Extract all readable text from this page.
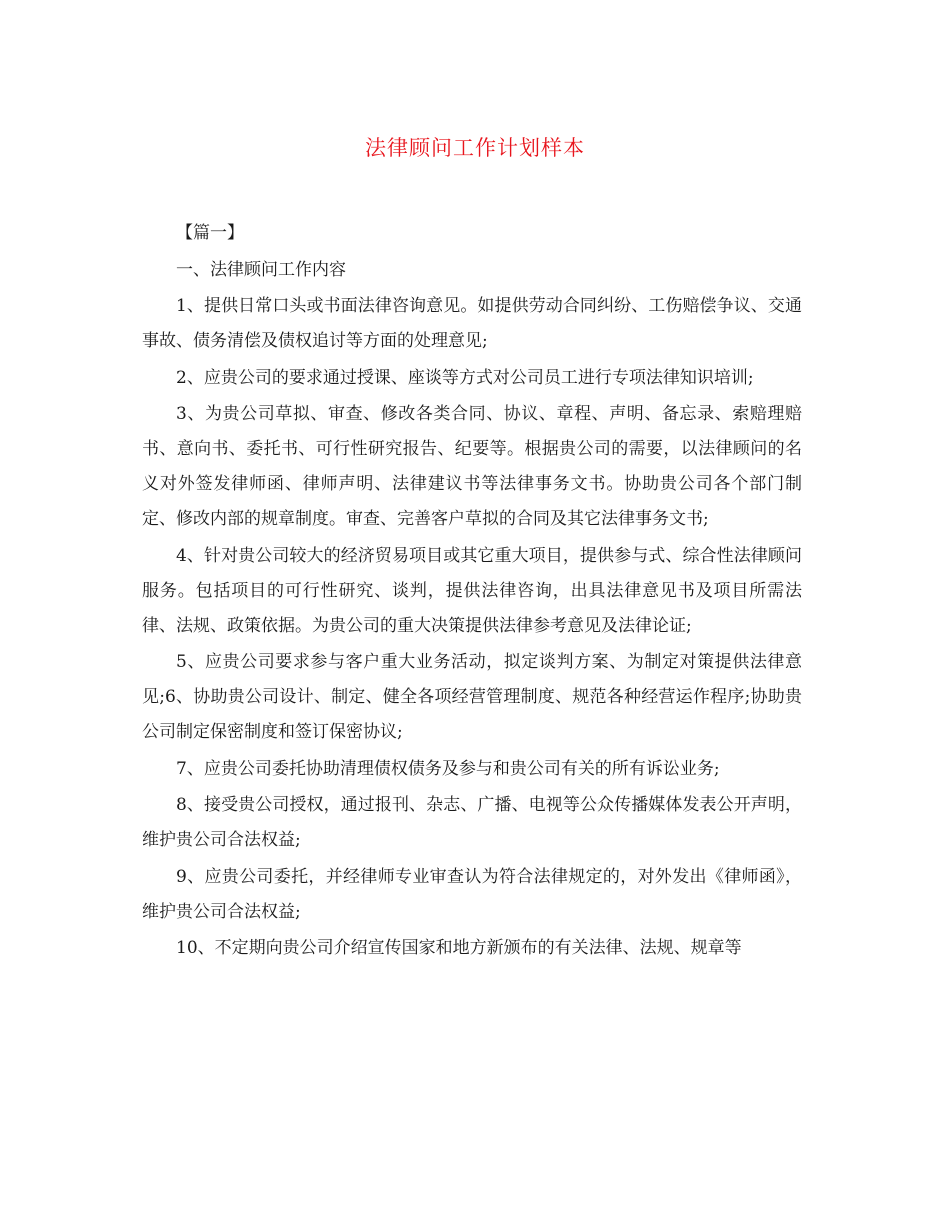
法律顾问工作计划样本

【篇一】

一、法律顾问工作内容

1、提供日常口头或书面法律咨询意见。如提供劳动合同纠纷、工伤赔偿争议、交通事故、债务清偿及债权追讨等方面的处理意见;

2、应贵公司的要求通过授课、座谈等方式对公司员工进行专项法律知识培训;

3、为贵公司草拟、审查、修改各类合同、协议、章程、声明、备忘录、索赔理赔书、意向书、委托书、可行性研究报告、纪要等。根据贵公司的需要，以法律顾问的名义对外签发律师函、律师声明、法律建议书等法律事务文书。协助贵公司各个部门制定、修改内部的规章制度。审查、完善客户草拟的合同及其它法律事务文书;

4、针对贵公司较大的经济贸易项目或其它重大项目，提供参与式、综合性法律顾问服务。包括项目的可行性研究、谈判，提供法律咨询，出具法律意见书及项目所需法律、法规、政策依据。为贵公司的重大决策提供法律参考意见及法律论证;

5、应贵公司要求参与客户重大业务活动，拟定谈判方案、为制定对策提供法律意见;6、协助贵公司设计、制定、健全各项经营管理制度、规范各种经营运作程序;协助贵公司制定保密制度和签订保密协议;

7、应贵公司委托协助清理债权债务及参与和贵公司有关的所有诉讼业务;

8、接受贵公司授权，通过报刊、杂志、广播、电视等公众传播媒体发表公开声明，维护贵公司合法权益;

9、应贵公司委托，并经律师专业审查认为符合法律规定的，对外发出《律师函》，维护贵公司合法权益;

10、不定期向贵公司介绍宣传国家和地方新颁布的有关法律、法规、规章等
